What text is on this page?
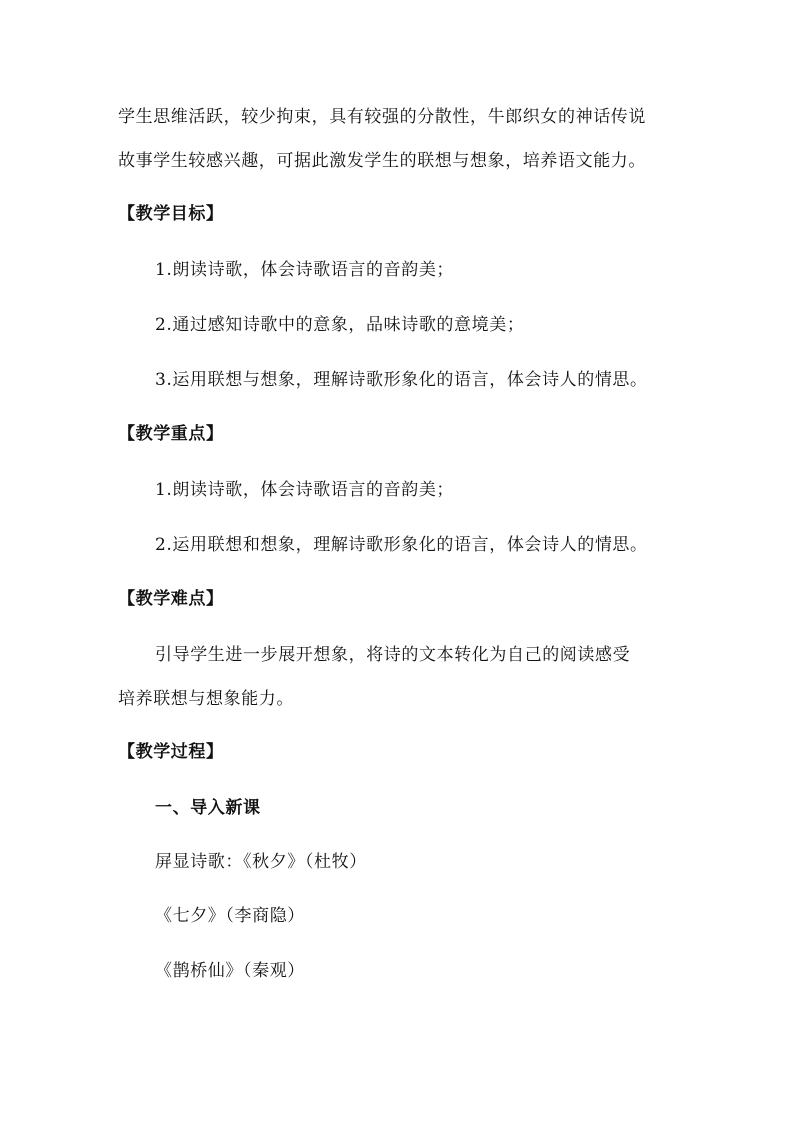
学生思维活跃，较少拘束，具有较强的分散性，牛郎织女的神话传说
故事学生较感兴趣，可据此激发学生的联想与想象，培养语文能力。
【教学目标】
1.朗读诗歌，体会诗歌语言的音韵美；
2.通过感知诗歌中的意象，品味诗歌的意境美；
3.运用联想与想象，理解诗歌形象化的语言，体会诗人的情思。
【教学重点】
1.朗读诗歌，体会诗歌语言的音韵美；
2.运用联想和想象，理解诗歌形象化的语言，体会诗人的情思。
【教学难点】
引导学生进一步展开想象，将诗的文本转化为自己的阅读感受
培养联想与想象能力。
【教学过程】
一、导入新课
屏显诗歌：《秋夕》（杜牧）
《七夕》（李商隐）
《鹊桥仙》（秦观）
